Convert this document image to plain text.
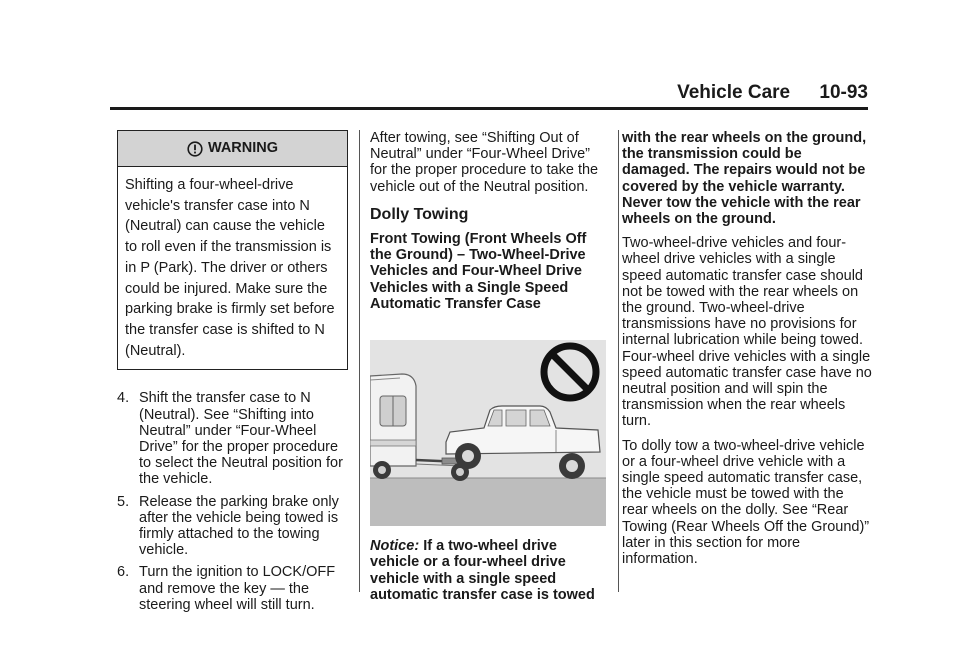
Vehicle Care 10-93
WARNING
Shifting a four-wheel-drive vehicle's transfer case into N (Neutral) can cause the vehicle to roll even if the transmission is in P (Park). The driver or others could be injured. Make sure the parking brake is firmly set before the transfer case is shifted to N (Neutral).
4. Shift the transfer case to N (Neutral). See “Shifting into Neutral” under “Four-Wheel Drive” for the proper procedure to select the Neutral position for the vehicle.
5. Release the parking brake only after the vehicle being towed is firmly attached to the towing vehicle.
6. Turn the ignition to LOCK/OFF and remove the key — the steering wheel will still turn.

After towing, see “Shifting Out of Neutral” under “Four-Wheel Drive” for the proper procedure to take the vehicle out of the Neutral position.

Dolly Towing
Front Towing (Front Wheels Off the Ground) – Two-Wheel-Drive Vehicles and Four-Wheel Drive Vehicles with a Single Speed Automatic Transfer Case
Notice: If a two-wheel drive vehicle or a four-wheel drive vehicle with a single speed automatic transfer case is towed

with the rear wheels on the ground, the transmission could be damaged. The repairs would not be covered by the vehicle warranty. Never tow the vehicle with the rear wheels on the ground.

Two-wheel-drive vehicles and four-wheel drive vehicles with a single speed automatic transfer case should not be towed with the rear wheels on the ground. Two-wheel-drive transmissions have no provisions for internal lubrication while being towed. Four-wheel drive vehicles with a single speed automatic transfer case have no neutral position and will spin the transmission when the rear wheels turn.

To dolly tow a two-wheel-drive vehicle or a four-wheel drive vehicle with a single speed automatic transfer case, the vehicle must be towed with the rear wheels on the dolly. See “Rear Towing (Rear Wheels Off the Ground)” later in this section for more information.
